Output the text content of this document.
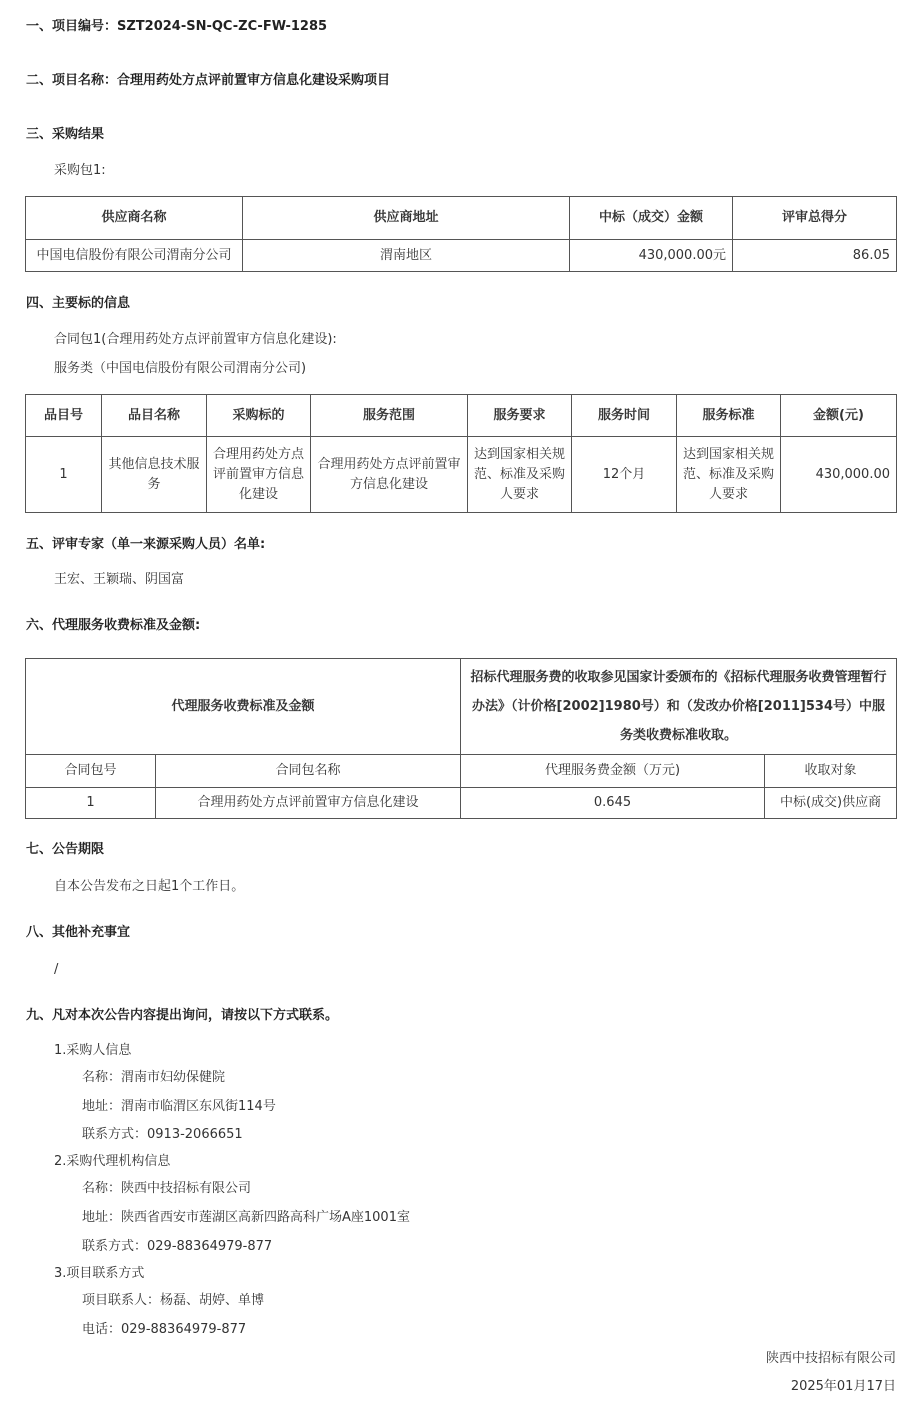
一、项目编号：SZT2024-SN-QC-ZC-FW-1285
二、项目名称：合理用药处方点评前置审方信息化建设采购项目
三、采购结果
采购包1:
供应商名称	供应商地址	中标（成交）金额	评审总得分
中国电信股份有限公司渭南分公司	渭南地区	430,000.00元	86.05
四、主要标的信息
合同包1(合理用药处方点评前置审方信息化建设):
服务类（中国电信股份有限公司渭南分公司)
品目号	品目名称	采购标的	服务范围	服务要求	服务时间	服务标准	金额(元)
1	其他信息技术服务	合理用药处方点评前置审方信息化建设	合理用药处方点评前置审方信息化建设	达到国家相关规范、标准及采购人要求	12个月	达到国家相关规范、标准及采购人要求	430,000.00
五、评审专家（单一来源采购人员）名单:
王宏、王颖瑞、阴国富
六、代理服务收费标准及金额:
代理服务收费标准及金额		招标代理服务费的收取参见国家计委颁布的《招标代理服务收费管理暂行办法》（计价格[2002]1980号）和（发改办价格[2011]534号）中服务类收费标准收取。	
合同包号	合同包名称	代理服务费金额（万元)	收取对象
1	合理用药处方点评前置审方信息化建设	0.645	中标(成交)供应商
七、公告期限
自本公告发布之日起1个工作日。
八、其他补充事宜
/
九、凡对本次公告内容提出询问，请按以下方式联系。
1.采购人信息
名称：渭南市妇幼保健院
地址：渭南市临渭区东风街114号
联系方式：0913-2066651
2.采购代理机构信息
名称：陕西中技招标有限公司
地址：陕西省西安市莲湖区高新四路高科广场A座1001室
联系方式：029-88364979-877
3.项目联系方式
项目联系人：杨磊、胡婷、单博
电话：029-88364979-877
陕西中技招标有限公司
2025年01月17日
